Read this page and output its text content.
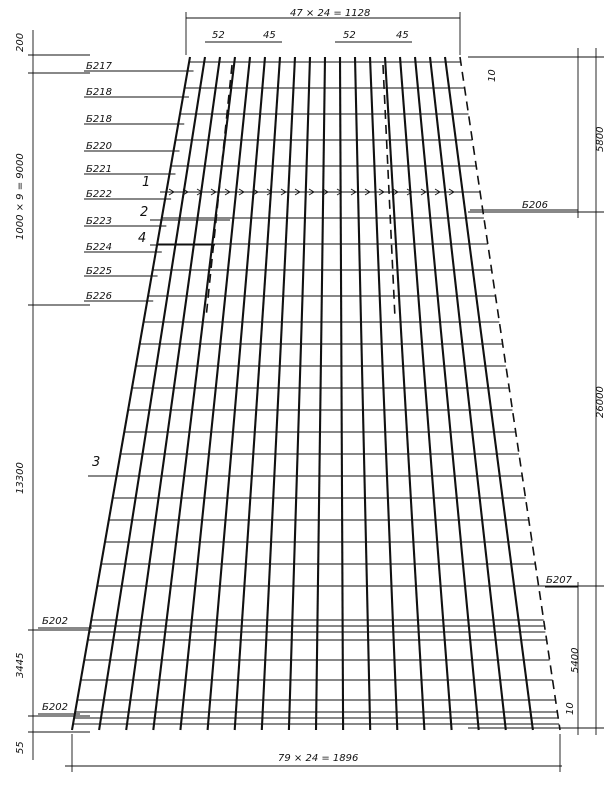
47 × 24 = 1128
52	45	52	45
79 × 24 = 1896
200
1000 × 9 = 9000
13300
3445
55
10
5800
26000
5400
10
Б217
Б218
Б218
Б220
Б221
Б222
Б223
Б224
Б225
Б226
Б206
Б207
Б202
Б202
1
2
4
3
